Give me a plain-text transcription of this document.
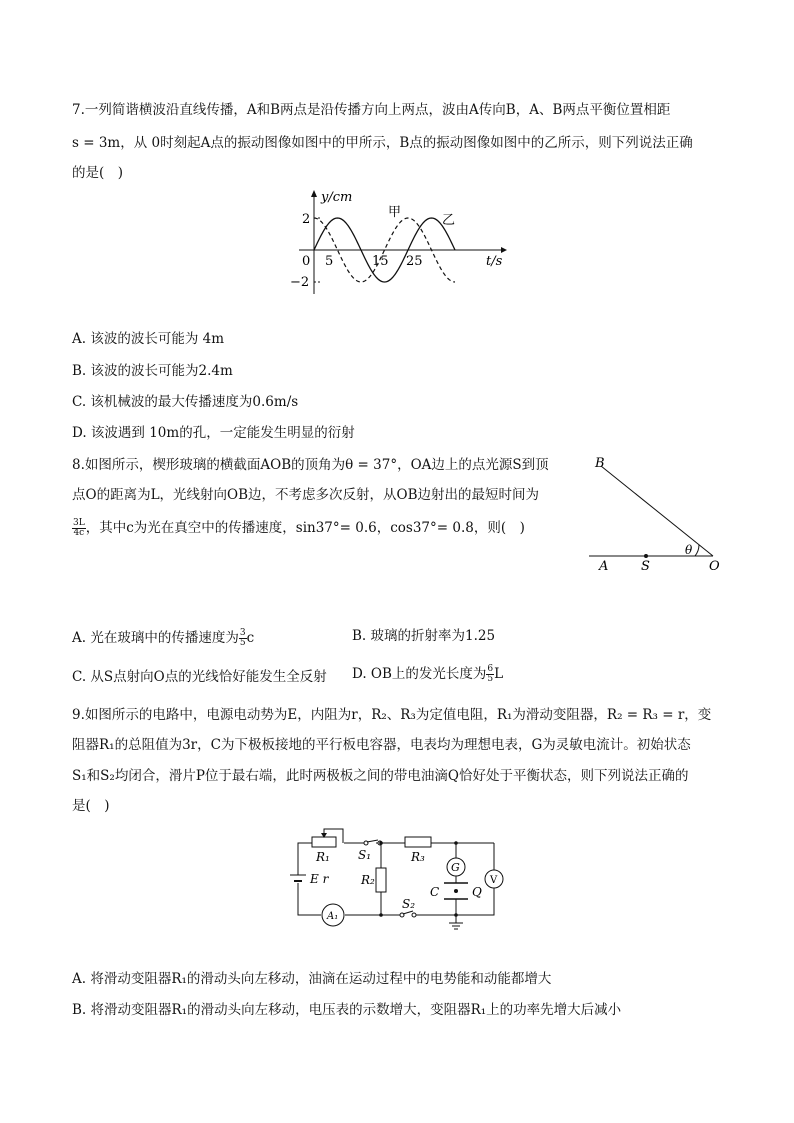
7.一列简谐横波沿直线传播，A和B两点是沿传播方向上两点，波由A传向B，A、B两点平衡位置相距
s = 3m，从 0时刻起A点的振动图像如图中的甲所示，B点的振动图像如图中的乙所示，则下列说法正确
的是(　)
y/cm
t/s
2
−2
0 5	15 25
甲
乙
A. 该波的波长可能为 4m
B. 该波的波长可能为2.4m
C. 该机械波的最大传播速度为0.6m/s
D. 该波遇到 10m的孔，一定能发生明显的衍射
8.如图所示，楔形玻璃的横截面AOB的顶角为θ = 37°，OA边上的点光源S到顶
点O的距离为L，光线射向OB边，不考虑多次反射，从OB边射出的最短时间为
$\frac{3L}{4c}$ ，其中c为光在真空中的传播速度，sin37°= 0.6，cos37°= 0.8，则(　)
B
θ
A	S	O
A. 光在玻璃中的传播速度为 $\frac{3}{5}$ c	B. 玻璃的折射率为1.25
C. 从S点射向O点的光线恰好能发生全反射 D. OB上的发光长度为 $\frac{6}{5}$ L
9.如图所示的电路中，电源电动势为E，内阻为r，R₂、R₃为定值电阻，R₁为滑动变阻器，R₂ = R₃ = r，变
阻器R₁的总阻值为3r，C为下极板接地的平行板电容器，电表均为理想电表，G为灵敏电流计。初始状态
S₁和S₂均闭合，滑片P位于最右端，此时两极板之间的带电油滴Q恰好处于平衡状态，则下列说法正确的
是(　)
E r
R₁ S₁
R₂
R₃
G
C	Q
V
A₁
S₂
A. 将滑动变阻器R₁的滑动头向左移动，油滴在运动过程中的电势能和动能都增大
B. 将滑动变阻器R₁的滑动头向左移动，电压表的示数增大，变阻器R₁上的功率先增大后减小
